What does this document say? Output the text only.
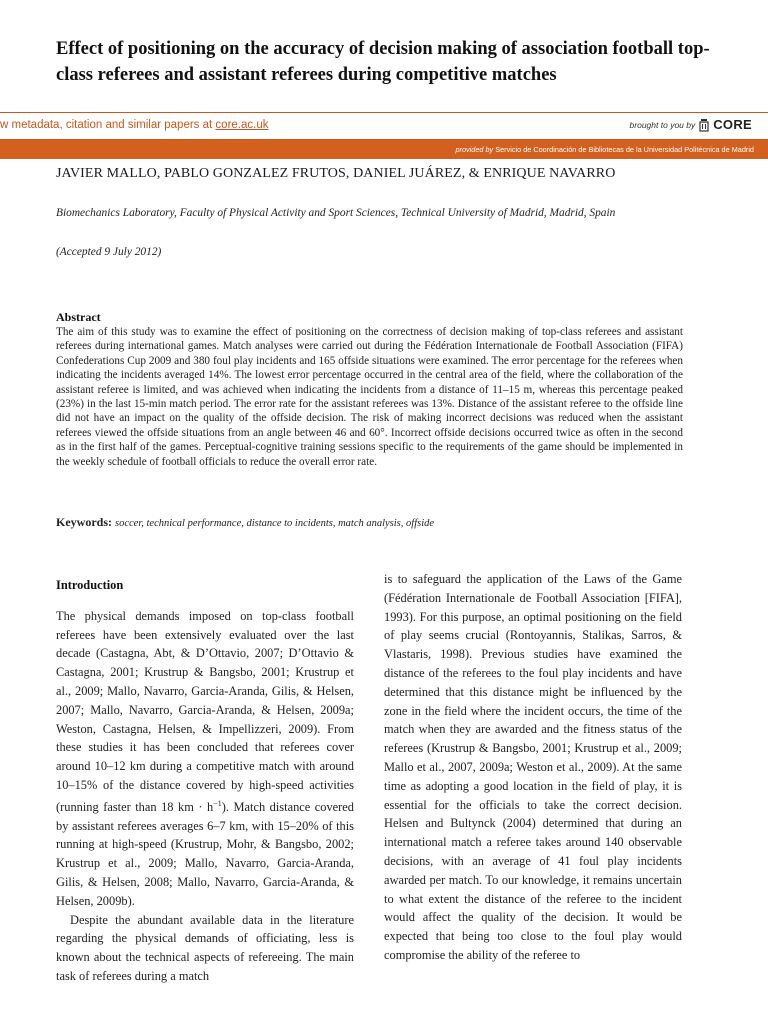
Effect of positioning on the accuracy of decision making of association football top-class referees and assistant referees during competitive matches
w metadata, citation and similar papers at core.ac.uk	brought to you by CORE
provided by Servicio de Coordinación de Bibliotecas de la Universidad Politécnica de Madrid
JAVIER MALLO, PABLO GONZALEZ FRUTOS, DANIEL JUÁREZ, & ENRIQUE NAVARRO
Biomechanics Laboratory, Faculty of Physical Activity and Sport Sciences, Technical University of Madrid, Madrid, Spain
(Accepted 9 July 2012)
Abstract

The aim of this study was to examine the effect of positioning on the correctness of decision making of top-class referees and assistant referees during international games. Match analyses were carried out during the Fédération Internationale de Football Association (FIFA) Confederations Cup 2009 and 380 foul play incidents and 165 offside situations were examined. The error percentage for the referees when indicating the incidents averaged 14%. The lowest error percentage occurred in the central area of the field, where the collaboration of the assistant referee is limited, and was achieved when indicating the incidents from a distance of 11–15 m, whereas this percentage peaked (23%) in the last 15-min match period. The error rate for the assistant referees was 13%. Distance of the assistant referee to the offside line did not have an impact on the quality of the offside decision. The risk of making incorrect decisions was reduced when the assistant referees viewed the offside situations from an angle between 46 and 60°. Incorrect offside decisions occurred twice as often in the second as in the first half of the games. Perceptual-cognitive training sessions specific to the requirements of the game should be implemented in the weekly schedule of football officials to reduce the overall error rate.

Keywords: soccer, technical performance, distance to incidents, match analysis, offside
Introduction

The physical demands imposed on top-class football referees have been extensively evaluated over the last decade (Castagna, Abt, & D’Ottavio, 2007; D’Ottavio & Castagna, 2001; Krustrup & Bangsbo, 2001; Krustrup et al., 2009; Mallo, Navarro, Garcia-Aranda, Gilis, & Helsen, 2007; Mallo, Navarro, Garcia-Aranda, & Helsen, 2009a; Weston, Castagna, Helsen, & Impellizzeri, 2009). From these studies it has been concluded that referees cover around 10–12 km during a competitive match with around 10–15% of the distance covered by high-speed activities (running faster than 18 km · $h^{-1}$). Match distance covered by assistant referees averages 6–7 km, with 15–20% of this running at high-speed (Krustrup, Mohr, & Bangsbo, 2002; Krustrup et al., 2009; Mallo, Navarro, Garcia-Aranda, Gilis, & Helsen, 2008; Mallo, Navarro, Garcia-Aranda, & Helsen, 2009b).

Despite the abundant available data in the literature regarding the physical demands of officiating, less is known about the technical aspects of refereeing. The main task of referees during a match

is to safeguard the application of the Laws of the Game (Fédération Internationale de Football Association [FIFA], 1993). For this purpose, an optimal positioning on the field of play seems crucial (Rontoyannis, Stalikas, Sarros, & Vlastaris, 1998). Previous studies have examined the distance of the referees to the foul play incidents and have determined that this distance might be influenced by the zone in the field where the incident occurs, the time of the match when they are awarded and the fitness status of the referees (Krustrup & Bangsbo, 2001; Krustrup et al., 2009; Mallo et al., 2007, 2009a; Weston et al., 2009). At the same time as adopting a good location in the field of play, it is essential for the officials to take the correct decision. Helsen and Bultynck (2004) determined that during an international match a referee takes around 140 observable decisions, with an average of 41 foul play incidents awarded per match. To our knowledge, it remains uncertain to what extent the distance of the referee to the incident would affect the quality of the decision. It would be expected that being too close to the foul play would compromise the ability of the referee to
